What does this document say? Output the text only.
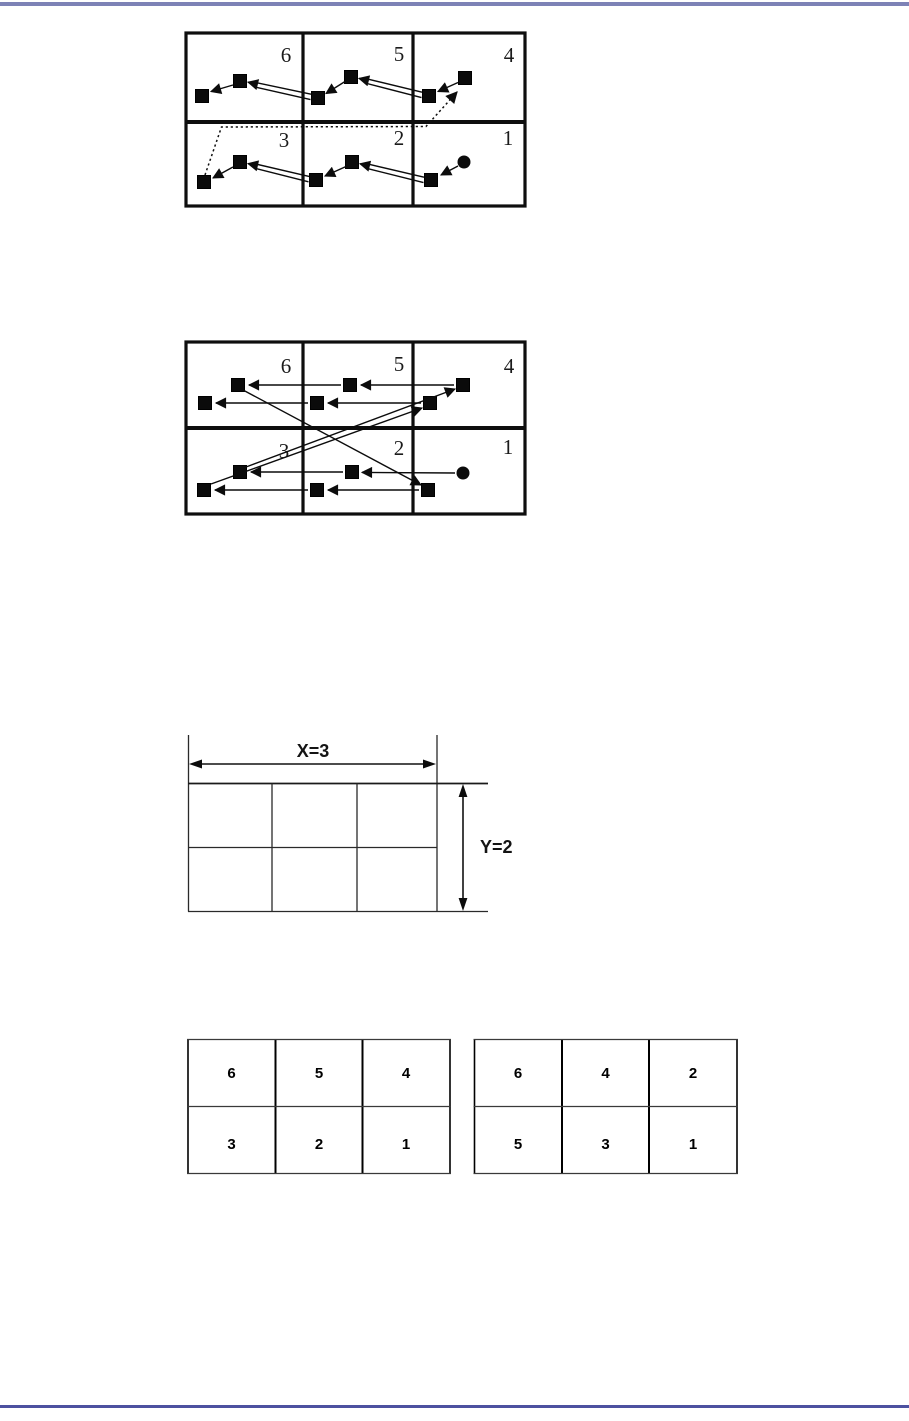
6	5	4
3	2	1
6	5	4
3	2	1
X=3
Y=2
6	5	4
3	2	1
6	4	2
5	3	1
